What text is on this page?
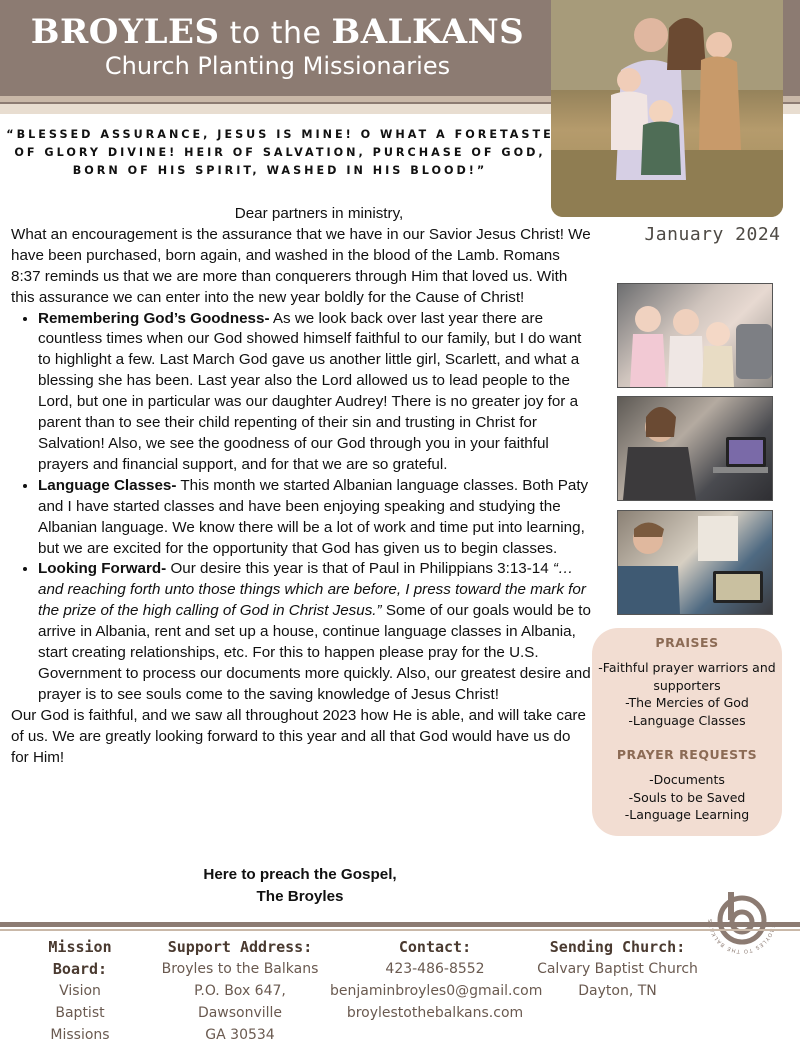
BROYLES to the BALKANS
Church Planting Missionaries
“BLESSED ASSURANCE, JESUS IS MINE! O WHAT A FORETASTE OF GLORY DIVINE! HEIR OF SALVATION, PURCHASE OF GOD, BORN OF HIS SPIRIT, WASHED IN HIS BLOOD!”
January 2024

Dear partners in ministry,

What an encouragement is the assurance that we have in our Savior Jesus Christ! We have been purchased, born again, and washed in the blood of the Lamb. Romans 8:37 reminds us that we are more than conquerers through Him that loved us. With this assurance we can enter into the new year boldly for the Cause of Christ!

• Remembering God’s Goodness- As we look back over last year there are countless times when our God showed himself faithful to our family, but I do want to highlight a few. Last March God gave us another little girl, Scarlett, and what a blessing she has been. Last year also the Lord allowed us to lead people to the Lord, but one in particular was our daughter Audrey! There is no greater joy for a parent than to see their child repenting of their sin and trusting in Christ for Salvation! Also, we see the goodness of our God through you in your faithful prayers and financial support, and for that we are so grateful.
• Language Classes- This month we started Albanian language classes. Both Paty and I have started classes and have been enjoying speaking and studying the Albanian language. We know there will be a lot of work and time put into learning, but we are excited for the opportunity that God has given us to begin classes.
• Looking Forward- Our desire this year is that of Paul in Philippians 3:13-14 “…and reaching forth unto those things which are before, I press toward the mark for the prize of the high calling of God in Christ Jesus.” Some of our goals would be to arrive in Albania, rent and set up a house, continue language classes in Albania, start creating relationships, etc. For this to happen please pray for the U.S. Government to process our documents more quickly. Also, our greatest desire and prayer is to see souls come to the saving knowledge of Jesus Christ!

Our God is faithful, and we saw all throughout 2023 how He is able, and will take care of us. We are greatly looking forward to this year and all that God would have us do for Him!

Here to preach the Gospel,
The Broyles
PRAISES
-Faithful prayer warriors and supporters
-The Mercies of God
-Language Classes
PRAYER REQUESTS
-Documents
-Souls to be Saved
-Language Learning
OYLES TO THE BALK S
Mission Board:
Vision
Baptist
Missions
Support Address:
Broyles to the Balkans
P.O. Box 647, Dawsonville
GA 30534
Contact:
423-486-8552
benjaminbroyles0@gmail.com
broylestothebalkans.com
Sending Church:
Calvary Baptist Church
Dayton, TN
